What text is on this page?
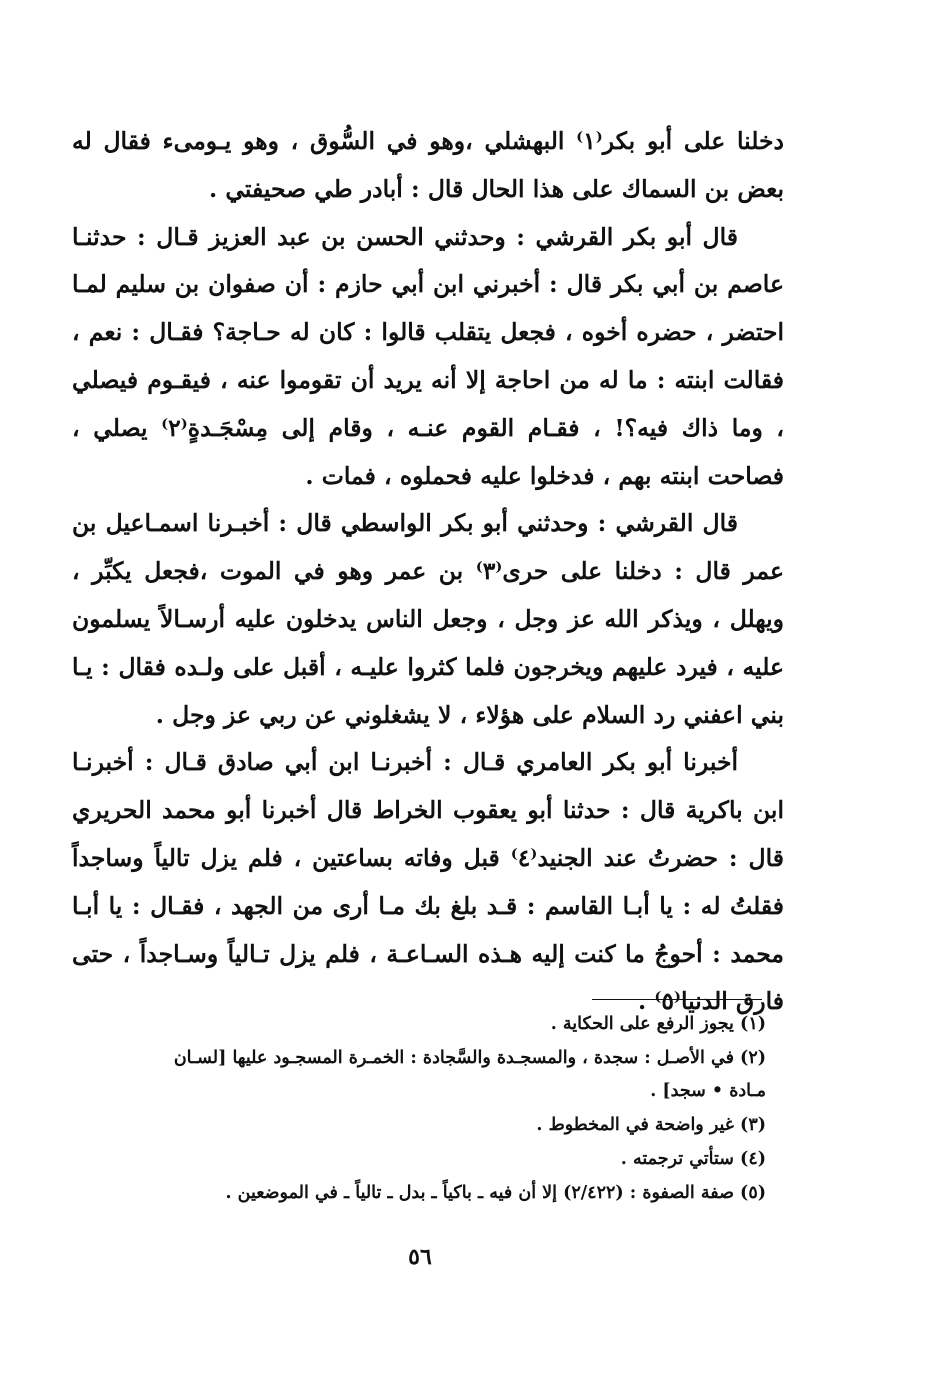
دخلنا على أبو بكر⁽١⁾ البهشلي ،وهو في السُّوق ، وهو يـومىء فقال له بعض بن السماك على هذا الحال قال : أبادر طي صحيفتي .

قال أبو بكر القرشي : وحدثني الحسن بن عبد العزيز قـال : حدثنـا عاصم بن أبي بكر قال : أخبرني ابن أبي حازم : أن صفوان بن سليم لمـا احتضر ، حضره أخوه ، فجعل يتقلب قالوا : كان له حـاجة؟ فقـال : نعم ، فقالت ابنته : ما له من احاجة إلا أنه يريد أن تقوموا عنه ، فيقـوم فيصلي ، وما ذاك فيه؟! ، فقـام القوم عنـه ، وقام إلى مِسْجَـدةٍ⁽٢⁾ يصلي ، فصاحت ابنته بهم ، فدخلوا عليه فحملوه ، فمات .

قال القرشي : وحدثني أبو بكر الواسطي قال : أخبـرنا اسمـاعيل بن عمر قال : دخلنا على حرى⁽٣⁾ بن عمر وهو في الموت ،فجعل يكبِّر ، ويهلل ، ويذكر الله عز وجل ، وجعل الناس يدخلون عليه أرسـالاً يسلمون عليه ، فيرد عليهم ويخرجون فلما كثروا عليـه ، أقبل على ولـده فقال : يـا بني اعفني رد السلام على هؤلاء ، لا يشغلوني عن ربي عز وجل .

أخبرنا أبو بكر العامري قـال : أخبرنـا ابن أبي صادق قـال : أخبرنـا ابن باكرية قال : حدثنا أبو يعقوب الخراط قال أخبرنا أبو محمد الحريري قال : حضرتُ عند الجنيد⁽٤⁾ قبل وفاته بساعتين ، فلم يزل تالياً وساجداً فقلتُ له : يا أبـا القاسم : قـد بلغ بك مـا أرى من الجهد ، فقـال : يا أبـا محمد : أحوجُ ما كنت إليه هـذه السـاعـة ، فلم يزل تـالياً وسـاجداً ، حتى فارق الدنيا⁽٥⁾ .

(١) يجوز الرفع على الحكاية .
(٢) في الأصـل : سجدة ، والمسجـدة والسَّجادة : الخمـرة المسجـود عليها [لسـان مـادة • سجد] .
(٣) غير واضحة في المخطوط .
(٤) ستأتي ترجمته .
(٥) صفة الصفوة : (٢/٤٢٢) إلا أن فيه ـ باكياً ـ بدل ـ تالياً ـ في الموضعين .
٥٦
